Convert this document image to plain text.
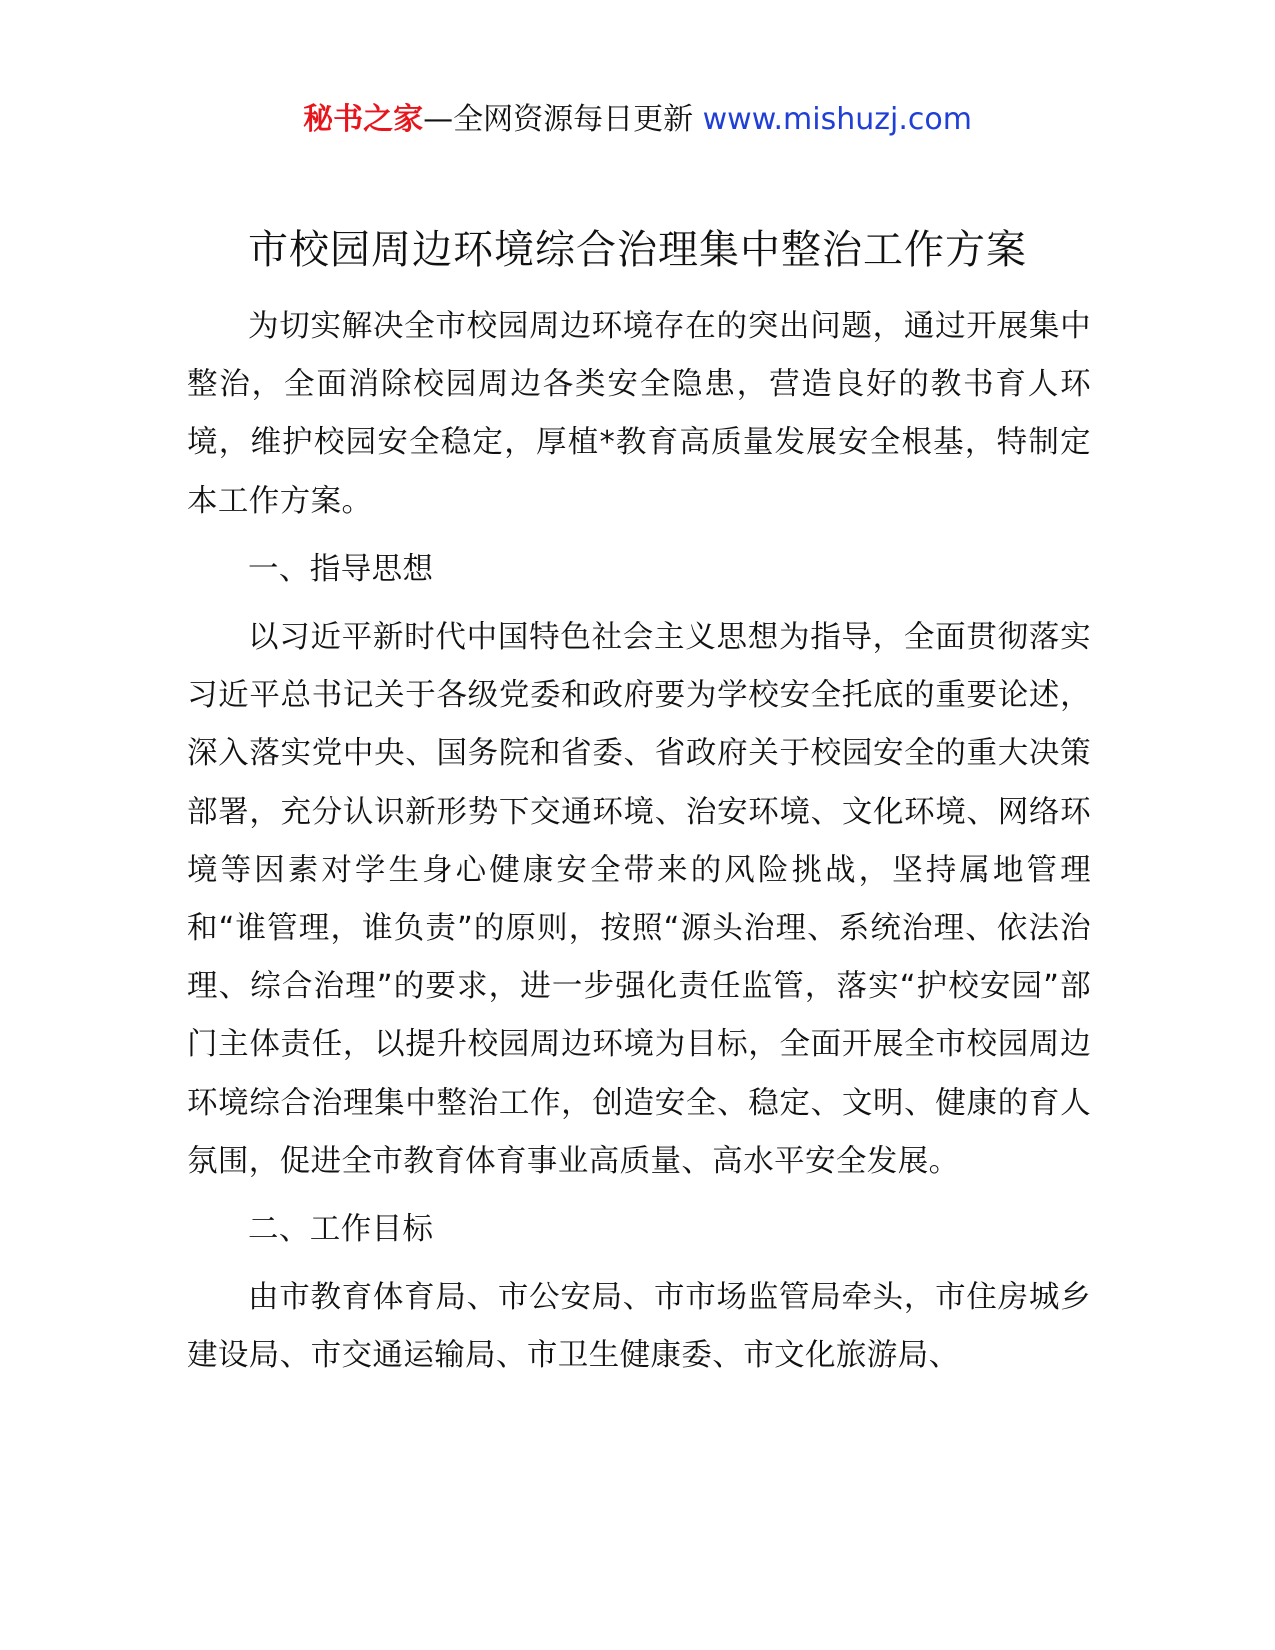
秘书之家—全网资源每日更新 www.mishuzj.com
市校园周边环境综合治理集中整治工作方案

为切实解决全市校园周边环境存在的突出问题，通过开展集中整治，全面消除校园周边各类安全隐患，营造良好的教书育人环境，维护校园安全稳定，厚植*教育高质量发展安全根基，特制定本工作方案。

一、指导思想

以习近平新时代中国特色社会主义思想为指导，全面贯彻落实习近平总书记关于各级党委和政府要为学校安全托底的重要论述，深入落实党中央、国务院和省委、省政府关于校园安全的重大决策部署，充分认识新形势下交通环境、治安环境、文化环境、网络环境等因素对学生身心健康安全带来的风险挑战，坚持属地管理和“谁管理，谁负责”的原则，按照“源头治理、系统治理、依法治理、综合治理”的要求，进一步强化责任监管，落实“护校安园”部门主体责任，以提升校园周边环境为目标，全面开展全市校园周边环境综合治理集中整治工作，创造安全、稳定、文明、健康的育人氛围，促进全市教育体育事业高质量、高水平安全发展。

二、工作目标

由市教育体育局、市公安局、市市场监管局牵头，市住房城乡建设局、市交通运输局、市卫生健康委、市文化旅游局、
